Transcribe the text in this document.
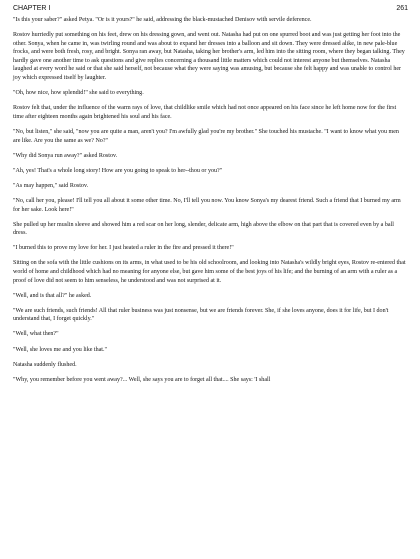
CHAPTER I	261

"Is this your saber?" asked Petya. "Or is it yours?" he said, addressing the black-mustached Denisov with servile deference.

Rostov hurriedly put something on his feet, drew on his dressing gown, and went out. Natasha had put on one spurred boot and was just getting her foot into the other. Sonya, when he came in, was twirling round and was about to expand her dresses into a balloon and sit down. They were dressed alike, in new pale-blue frocks, and were both fresh, rosy, and bright. Sonya ran away, but Natasha, taking her brother's arm, led him into the sitting room, where they began talking. They hardly gave one another time to ask questions and give replies concerning a thousand little matters which could not interest anyone but themselves. Natasha laughed at every word he said or that she said herself, not because what they were saying was amusing, but because she felt happy and was unable to control her joy which expressed itself by laughter.

"Oh, how nice, how splendid!" she said to everything.

Rostov felt that, under the influence of the warm rays of love, that childlike smile which had not once appeared on his face since he left home now for the first time after eighteen months again brightened his soul and his face.

"No, but listen," she said, "now you are quite a man, aren't you? I'm awfully glad you're my brother." She touched his mustache. "I want to know what you men are like. Are you the same as we? No?"

"Why did Sonya run away?" asked Rostov.

"Ah, yes! That's a whole long story! How are you going to speak to her--thou or you?"

"As may happen," said Rostov.

"No, call her you, please! I'll tell you all about it some other time. No, I'll tell you now. You know Sonya's my dearest friend. Such a friend that I burned my arm for her sake. Look here!"

She pulled up her muslin sleeve and showed him a red scar on her long, slender, delicate arm, high above the elbow on that part that is covered even by a ball dress.

"I burned this to prove my love for her. I just heated a ruler in the fire and pressed it there!"

Sitting on the sofa with the little cushions on its arms, in what used to be his old schoolroom, and looking into Natasha's wildly bright eyes, Rostov re-entered that world of home and childhood which had no meaning for anyone else, but gave him some of the best joys of his life; and the burning of an arm with a ruler as a proof of love did not seem to him senseless, he understood and was not surprised at it.

"Well, and is that all?" he asked.

"We are such friends, such friends! All that ruler business was just nonsense, but we are friends forever. She, if she loves anyone, does it for life, but I don't understand that, I forget quickly."

"Well, what then?"

"Well, she loves me and you like that."

Natasha suddenly flushed.

"Why, you remember before you went away?... Well, she says you are to forget all that.... She says: 'I shall
